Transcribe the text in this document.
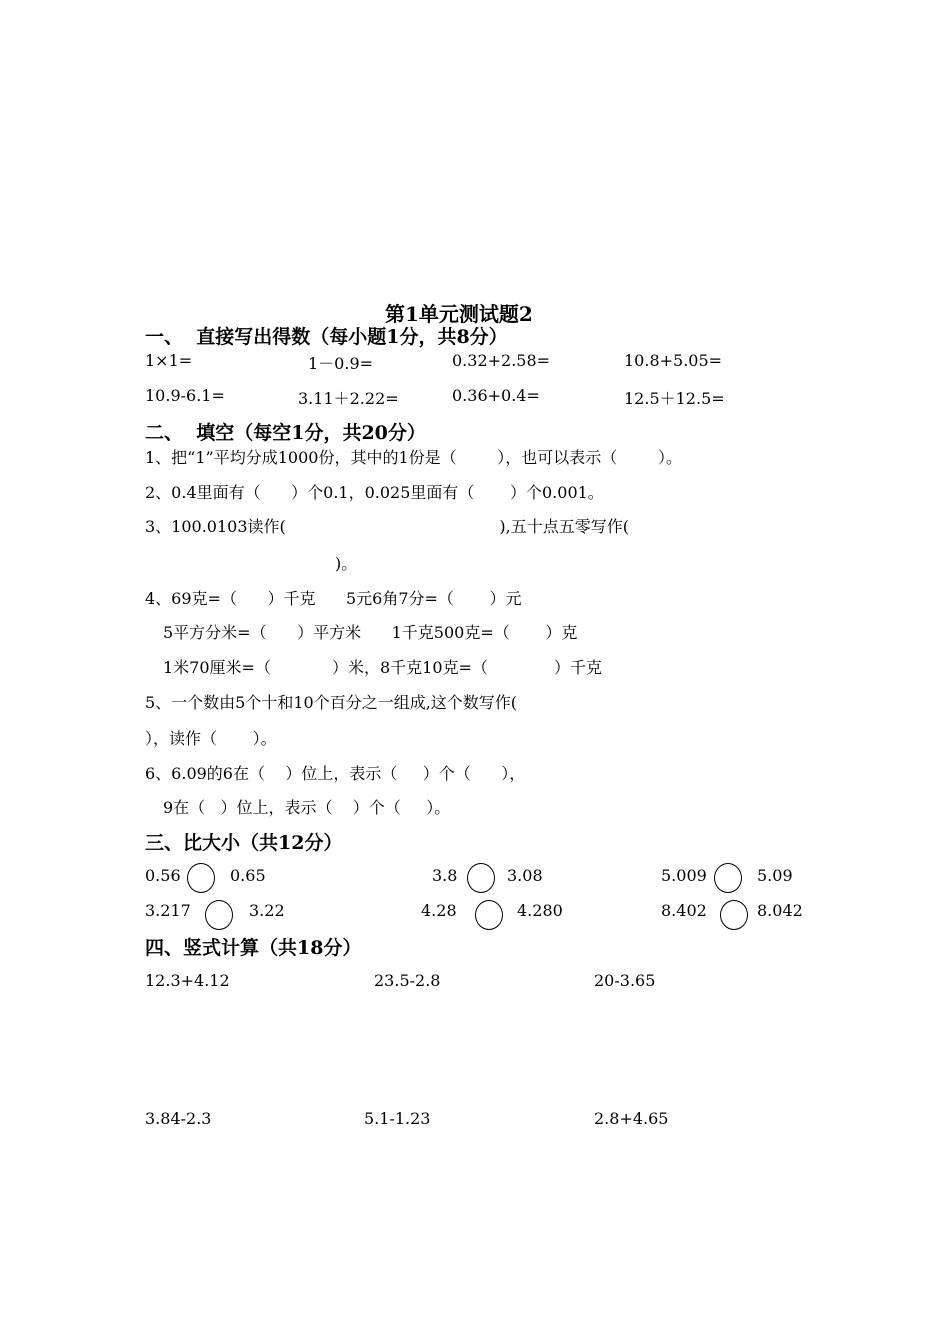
第1单元测试题2
一、  直接写出得数（每小题1分，共8分）
1×1=	1－0.9=	0.32+2.58=	10.8+5.05=
10.9-6.1=	3.11＋2.22=	0.36+0.4=	12.5＋12.5=
二、  填空（每空1分，共20分）
1、把“1”平均分成1000份，其中的1份是（        ），也可以表示（        ）。
2、0.4里面有（      ）个0.1，0.025里面有（       ）个0.001。
3、100.0103读作(                                          ),五十点五零写作(
)。
4、69克=（      ）千克      5元6角7分=（       ）元
5平方分米=（      ）平方米      1千克500克=（       ）克
1米70厘米=（            ）米，8千克10克=（             ）千克
5、一个数由5个十和10个百分之一组成,这个数写作(
），读作（       ）。
6、6.09的6在（    ）位上，表示（     ）个（      ），
9在（   ）位上，表示（    ）个（     ）。
三、比大小（共12分）
0.56	0.65	3.8	3.08	5.009	5.09
3.217	3.22	4.28	4.280	8.402	8.042
四、竖式计算（共18分）
12.3+4.12	23.5-2.8	20-3.65
3.84-2.3	5.1-1.23	2.8+4.65
